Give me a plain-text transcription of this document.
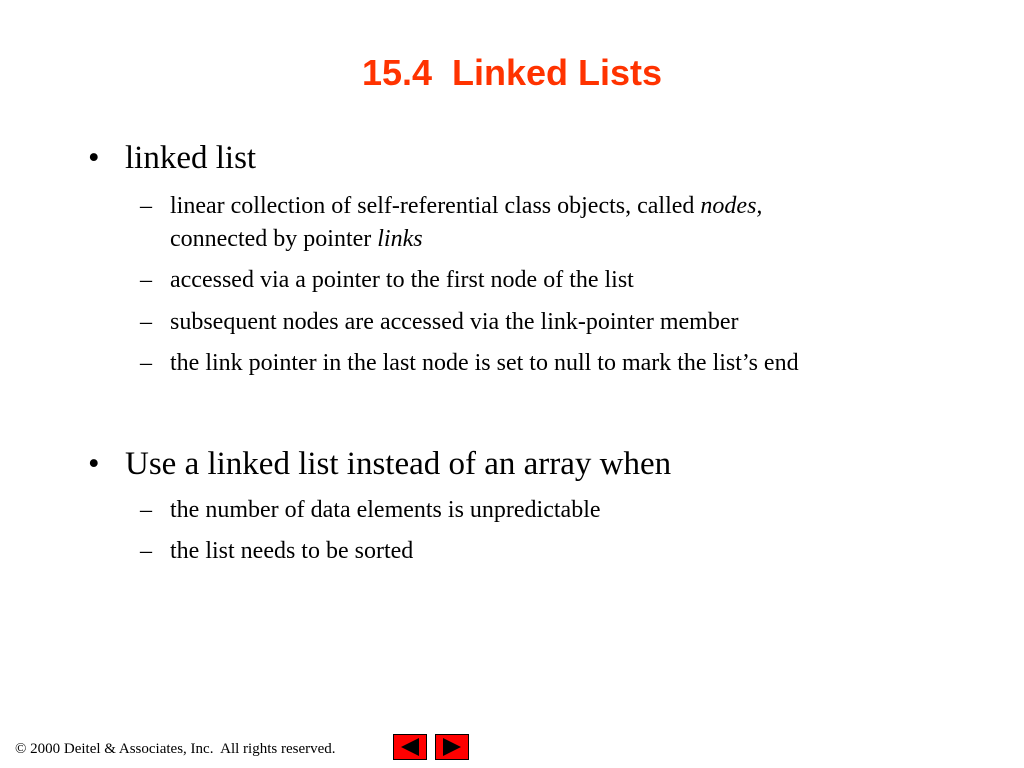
15.4  Linked Lists
• linked list
– linear collection of self-referential class objects, called nodes,
connected by pointer links
– accessed via a pointer to the first node of the list
– subsequent nodes are accessed via the link-pointer member
– the link pointer in the last node is set to null to mark the list’s end
• Use a linked list instead of an array when
– the number of data elements is unpredictable
– the list needs to be sorted
© 2000 Deitel & Associates, Inc.  All rights reserved.
